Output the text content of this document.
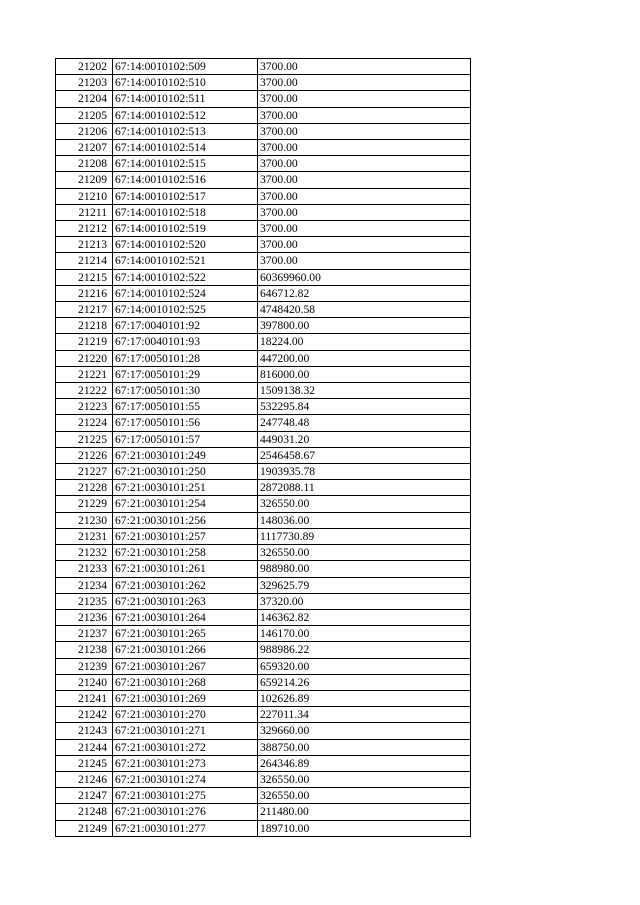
21202	67:14:0010102:509	3700.00
21203	67:14:0010102:510	3700.00
21204	67:14:0010102:511	3700.00
21205	67:14:0010102:512	3700.00
21206	67:14:0010102:513	3700.00
21207	67:14:0010102:514	3700.00
21208	67:14:0010102:515	3700.00
21209	67:14:0010102:516	3700.00
21210	67:14:0010102:517	3700.00
21211	67:14:0010102:518	3700.00
21212	67:14:0010102:519	3700.00
21213	67:14:0010102:520	3700.00
21214	67:14:0010102:521	3700.00
21215	67:14:0010102:522	60369960.00
21216	67:14:0010102:524	646712.82
21217	67:14:0010102:525	4748420.58
21218	67:17:0040101:92	397800.00
21219	67:17:0040101:93	18224.00
21220	67:17:0050101:28	447200.00
21221	67:17:0050101:29	816000.00
21222	67:17:0050101:30	1509138.32
21223	67:17:0050101:55	532295.84
21224	67:17:0050101:56	247748.48
21225	67:17:0050101:57	449031.20
21226	67:21:0030101:249	2546458.67
21227	67:21:0030101:250	1903935.78
21228	67:21:0030101:251	2872088.11
21229	67:21:0030101:254	326550.00
21230	67:21:0030101:256	148036.00
21231	67:21:0030101:257	1117730.89
21232	67:21:0030101:258	326550.00
21233	67:21:0030101:261	988980.00
21234	67:21:0030101:262	329625.79
21235	67:21:0030101:263	37320.00
21236	67:21:0030101:264	146362.82
21237	67:21:0030101:265	146170.00
21238	67:21:0030101:266	988986.22
21239	67:21:0030101:267	659320.00
21240	67:21:0030101:268	659214.26
21241	67:21:0030101:269	102626.89
21242	67:21:0030101:270	227011.34
21243	67:21:0030101:271	329660.00
21244	67:21:0030101:272	388750.00
21245	67:21:0030101:273	264346.89
21246	67:21:0030101:274	326550.00
21247	67:21:0030101:275	326550.00
21248	67:21:0030101:276	211480.00
21249	67:21:0030101:277	189710.00
